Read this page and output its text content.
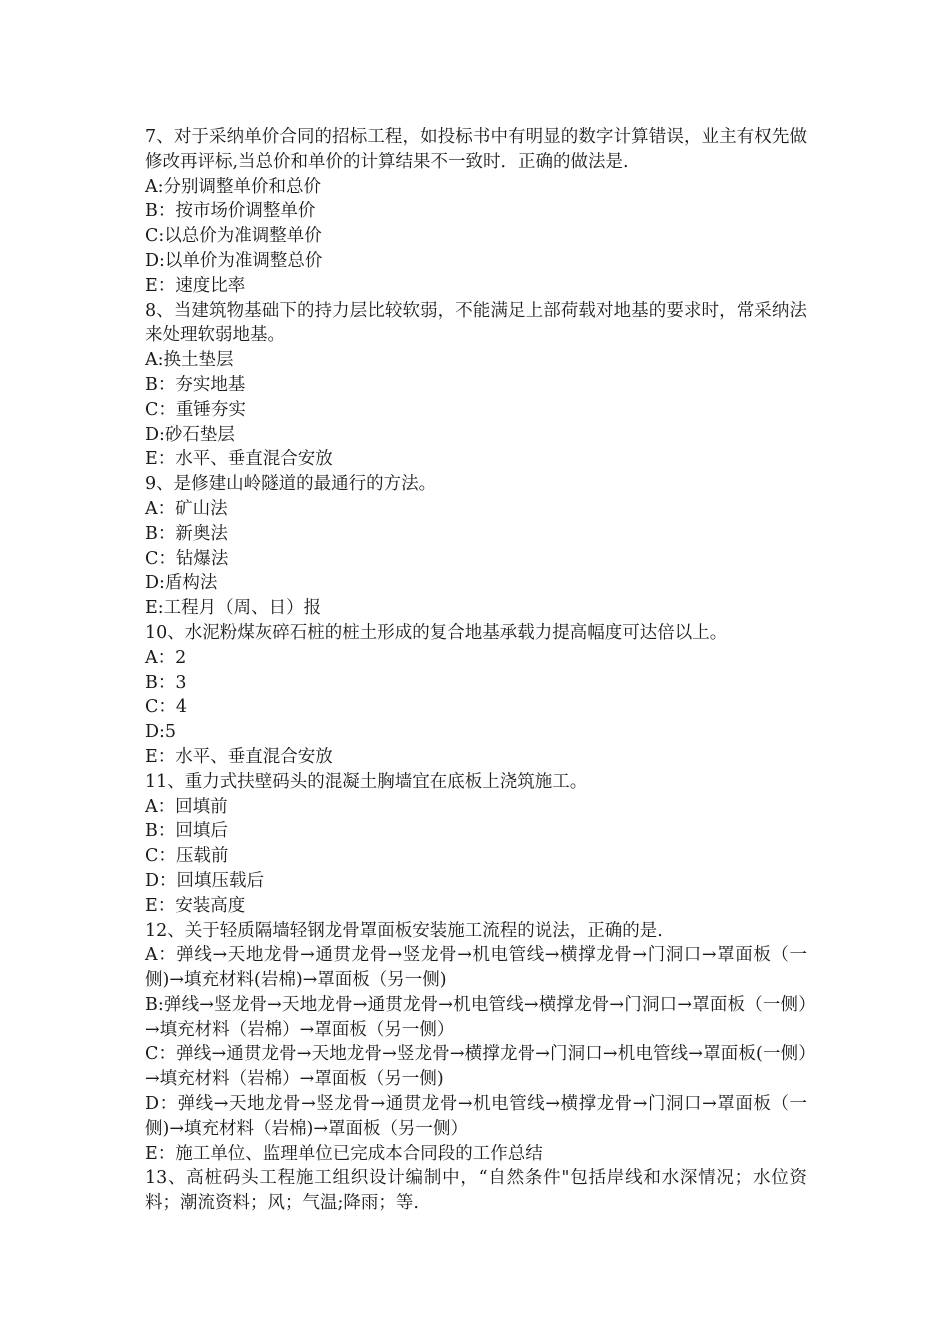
7、对于采纳单价合同的招标工程，如投标书中有明显的数字计算错误，业主有权先做修改再评标,当总价和单价的计算结果不一致时．正确的做法是.

A:分别调整单价和总价

B：按市场价调整单价

C:以总价为准调整单价

D:以单价为准调整总价

E：速度比率

8、当建筑物基础下的持力层比较软弱，不能满足上部荷载对地基的要求时，常采纳法来处理软弱地基。

A:换土垫层

B：夯实地基

C：重锤夯实

D:砂石垫层

E：水平、垂直混合安放

9、是修建山岭隧道的最通行的方法。

A：矿山法

B：新奥法

C：钻爆法

D:盾构法

E:工程月（周、日）报

10、水泥粉煤灰碎石桩的桩土形成的复合地基承载力提高幅度可达倍以上。

A：2

B：3

C：4

D:5

E：水平、垂直混合安放

11、重力式扶壁码头的混凝土胸墙宜在底板上浇筑施工。

A：回填前

B：回填后

C：压载前

D：回填压载后

E：安装高度

12、关于轻质隔墙轻钢龙骨罩面板安装施工流程的说法，正确的是.

A：弹线→天地龙骨→通贯龙骨→竖龙骨→机电管线→横撑龙骨→门洞口→罩面板（一侧)→填充材料(岩棉)→罩面板（另一侧)

B:弹线→竖龙骨→天地龙骨→通贯龙骨→机电管线→横撑龙骨→门洞口→罩面板（一侧）→填充材料（岩棉）→罩面板（另一侧）

C：弹线→通贯龙骨→天地龙骨→竖龙骨→横撑龙骨→门洞口→机电管线→罩面板(一侧）→填充材料（岩棉）→罩面板（另一侧)

D：弹线→天地龙骨→竖龙骨→通贯龙骨→机电管线→横撑龙骨→门洞口→罩面板（一侧)→填充材料（岩棉)→罩面板（另一侧）

E：施工单位、监理单位已完成本合同段的工作总结

13、高桩码头工程施工组织设计编制中，“自然条件"包括岸线和水深情况；水位资料；潮流资料；风；气温;降雨；等.
